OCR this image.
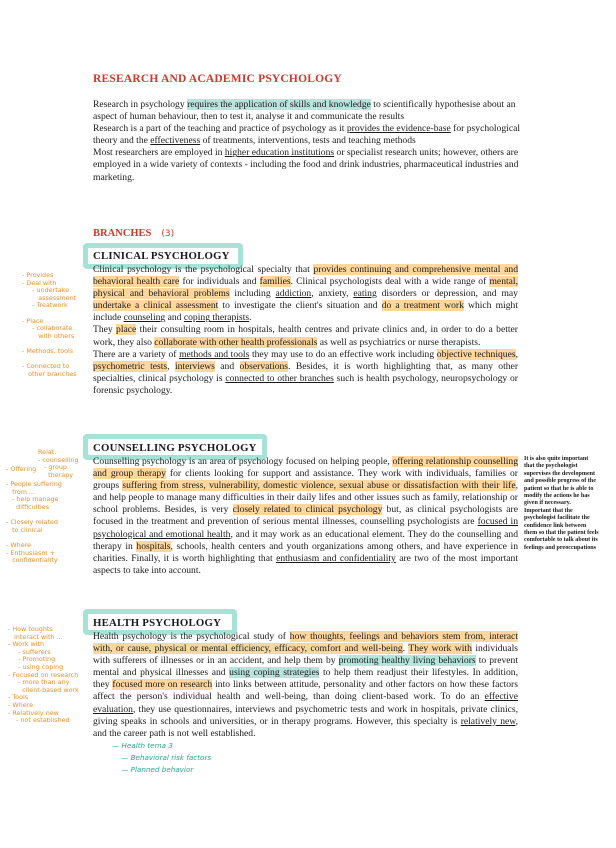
RESEARCH AND ACADEMIC PSYCHOLOGY

Research in psychology requires the application of skills and knowledge to scientifically hypothesise about an aspect of human behaviour, then to test it, analyse it and communicate the results

Research is a part of the teaching and practice of psychology as it provides the evidence-base for psychological theory and the effectiveness of treatments, interventions, tests and teaching methods

Most researchers are employed in higher education institutions or specialist research units; however, others are employed in a wide variety of contexts - including the food and drink industries, pharmaceutical industries and marketing.

BRANCHES (3)
CLINICAL PSYCHOLOGY

Clinical psychology is the psychological specialty that provides continuing and comprehensive mental and behavioral health care for individuals and families. Clinical psychologists deal with a wide range of mental, physical and behavioral problems including addiction, anxiety, eating disorders or depression, and may undertake a clinical assessment to investigate the client's situation and do a treatment work which might include counseling and coping therapists.

They place their consulting room in hospitals, health centres and private clinics and, in order to do a better work, they also collaborate with other health professionals as well as psychiatrics or nurse therapists.

There are a variety of methods and tools they may use to do an effective work including objective techniques, psychometric tests, interviews and observations. Besides, it is worth highlighting that, as many other specialties, clinical psychology is connected to other branches such is health psychology, neuropsychology or forensic psychology.

COUNSELLING PSYCHOLOGY

Counselling psychology is an area of psychology focused on helping people, offering relationship counselling and group therapy for clients looking for support and assistance. They work with individuals, families or groups suffering from stress, vulnerability, domestic violence, sexual abuse or dissatisfaction with their life, and help people to manage many difficulties in their daily lifes and other issues such as family, relationship or school problems. Besides, is very closely related to clinical psychology but, as clinical psychologists are focused in the treatment and prevention of serious mental illnesses, counselling psychologists are focused in psychological and emotional health, and it may work as an educational element. They do the counselling and therapy in hospitals, schools, health centers and youth organizations among others, and have experience in charities. Finally, it is worth highlighting that enthusiasm and confidentiality are two of the most important aspects to take into account.

HEALTH PSYCHOLOGY

Health psychology is the psychological study of how thoughts, feelings and behaviors stem from, interact with, or cause, physical or mental efficiency, efficacy, comfort and well-being. They work with individuals with sufferers of illnesses or in an accident, and help them by promoting healthy living behaviors to prevent mental and physical illnesses and using coping strategies to help them readjust their lifestyles. In addition, they focused more on research into links between attitude, personality and other factors on how these factors affect the person's individual health and well-being, than doing client-based work. To do an effective evaluation, they use questionnaires, interviews and psychometric tests and work in hospitals, private clinics, giving speaks in schools and universities, or in therapy programs. However, this specialty is relatively new, and the career path is not well established.

It is also quite important that the psychologist supervises the development and possible progress of the patient so that he is able to modify the actions he has given if necessary.

Important that the psychologist facilitate the confidence link between them so that the patient feels comfortable to talk about its feelings and preoccupations

- Provides
- Deal with
- undertake
assessment
- Treatwork

- Place
- collaborate
with others

- Methods, tools

- Connected to
other branches
Relat.
- counselling
- group
therapy
- Offering

- People suffering
from ...
- help manage
difficulties

- Closely related
to clinical

- Where
- Enthusiasm +
confidentiality
- How toughts
interact with ...
- Work with
- sufferers
- Promoting
- using coping
- Focused on research
- more than any
client-based work
- Tools
- Where
- Relatively new
- not established
— Health tema 3
— Behavioral risk factors
— Planned behavior
